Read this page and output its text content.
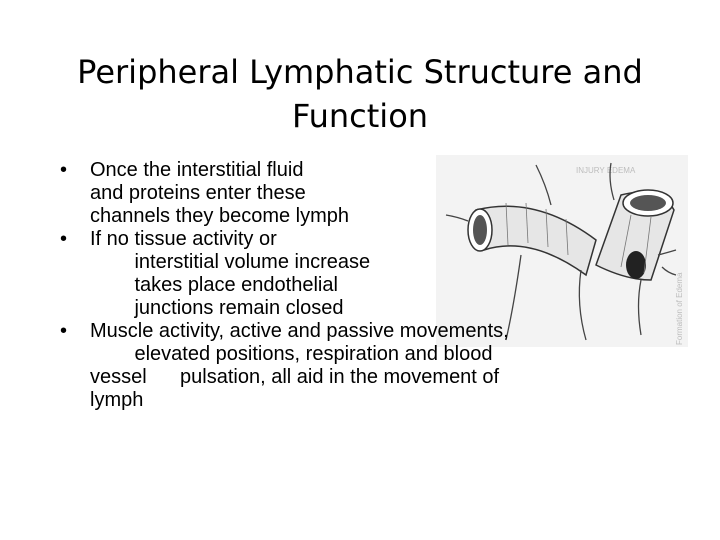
Peripheral Lymphatic Structure and
Function
INJURY EDEMA
Formation of Edema
• Once the interstitial fluid
and proteins enter these
channels they become lymph
• If no tissue activity or
interstitial volume increase
takes place endothelial
junctions remain closed
• Muscle activity, active and passive movements,
elevated positions, respiration and blood
vessel      pulsation, all aid in the movement of
lymph
